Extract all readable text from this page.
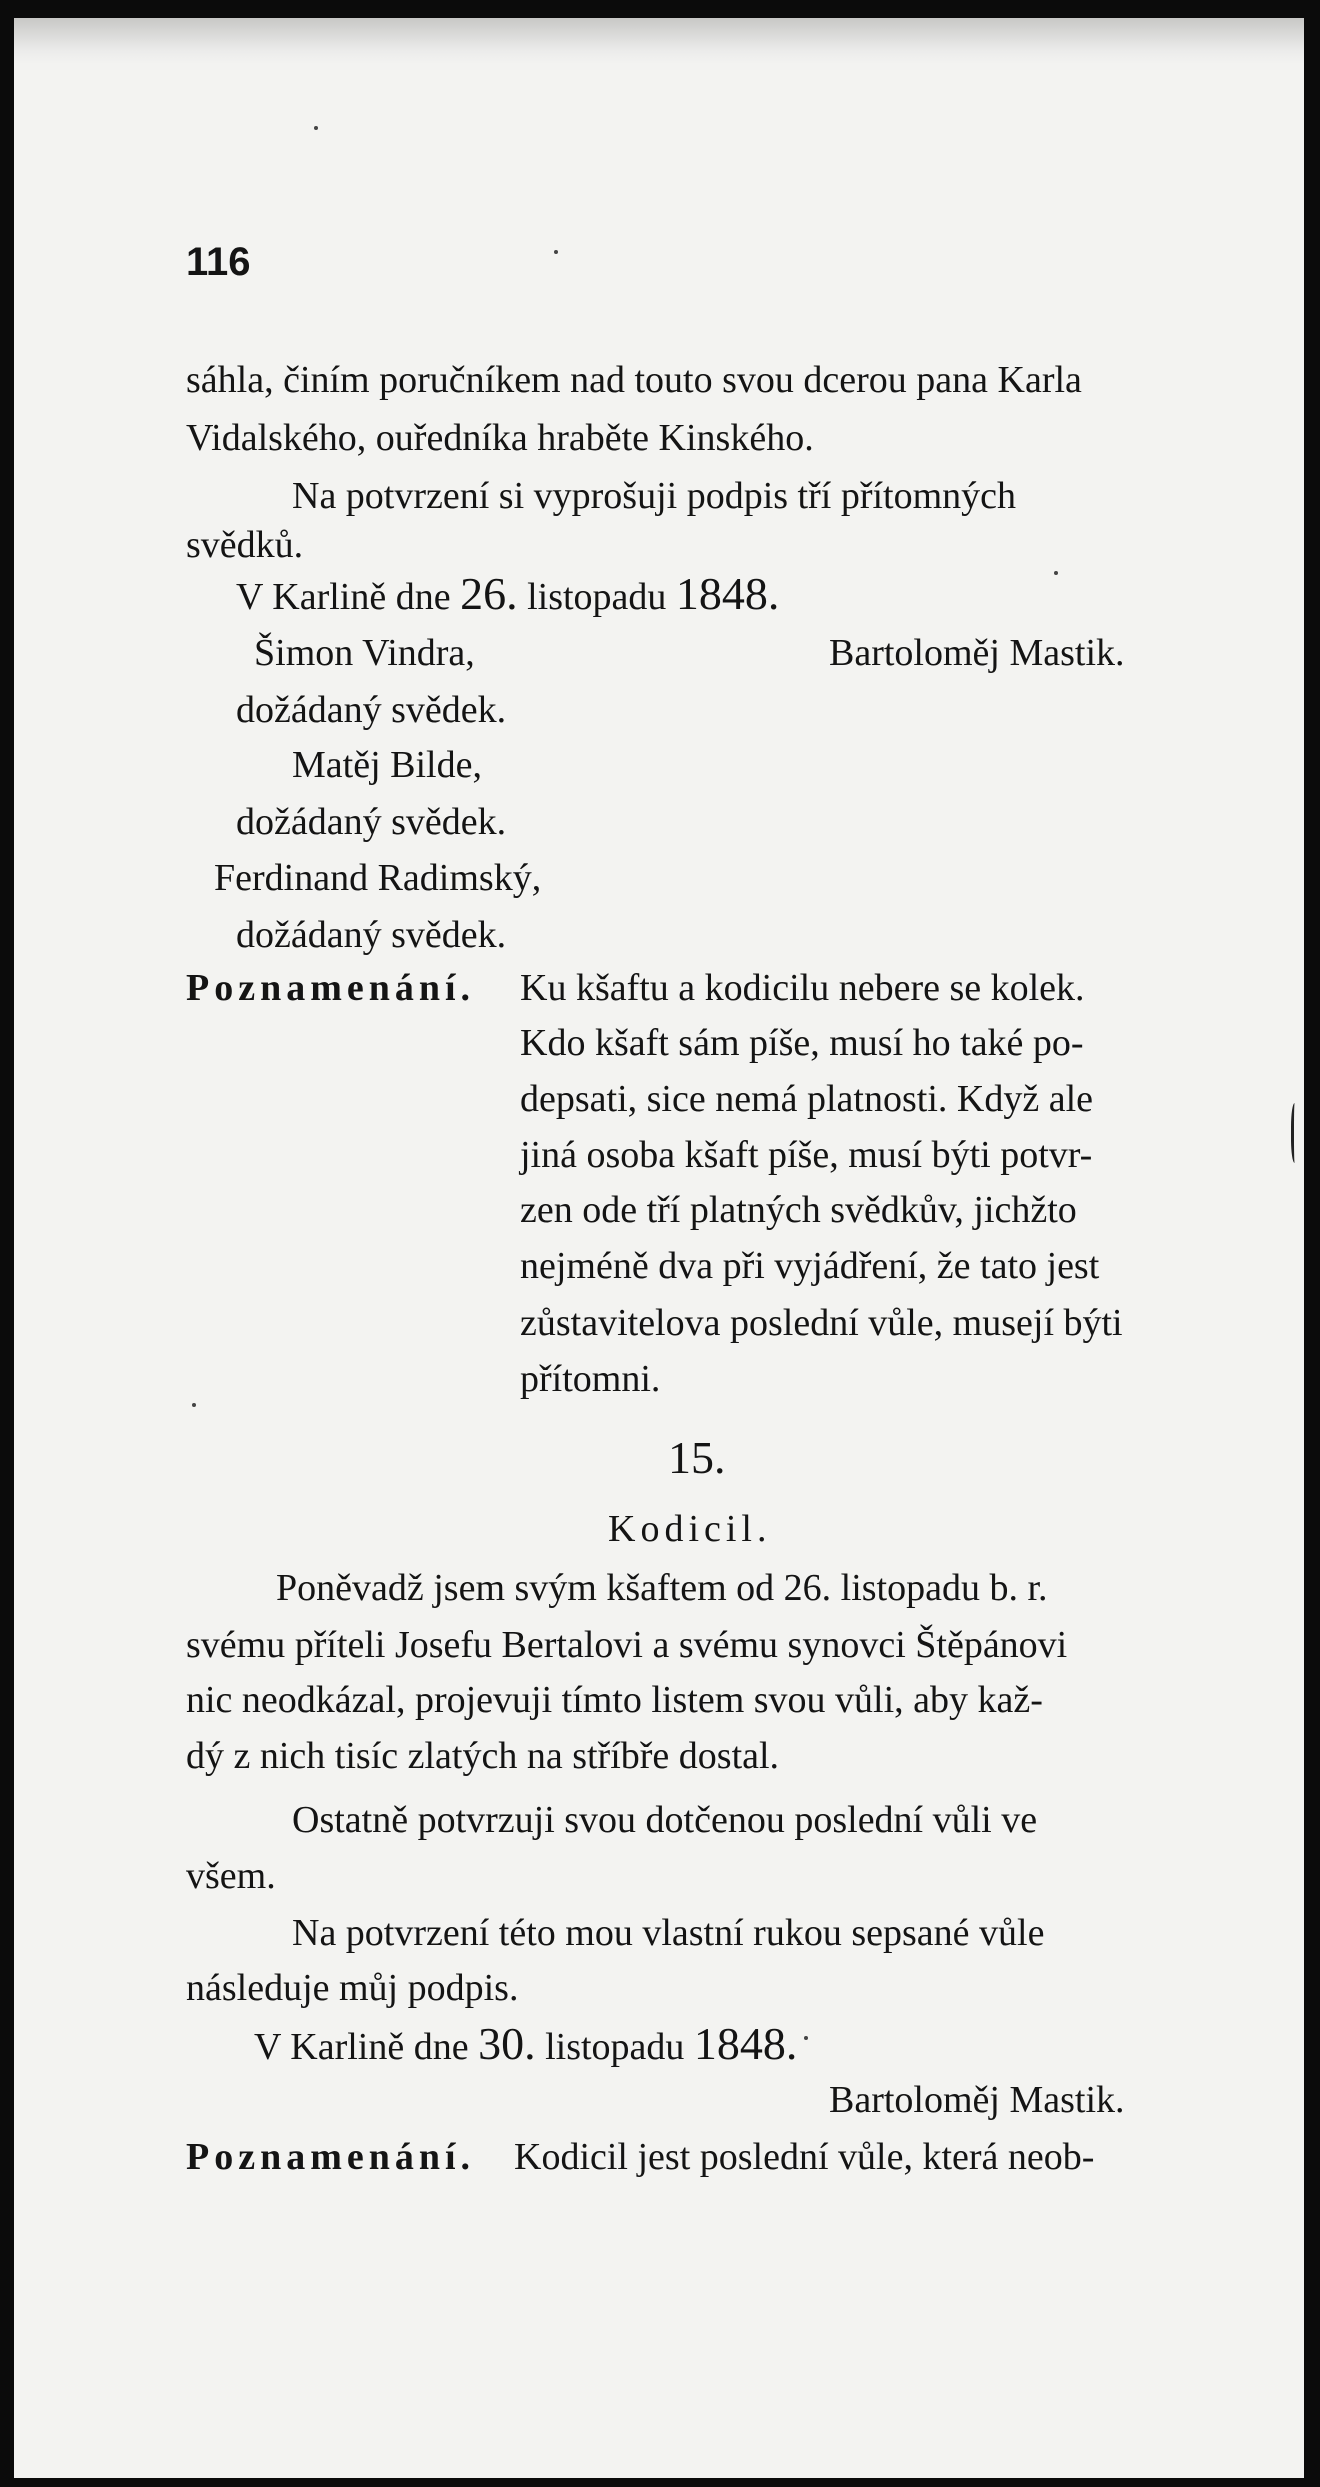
116
sáhla, činím poručníkem nad touto svou dcerou pana Karla
Vidalského, ouředníka hraběte Kinského.
Na potvrzení si vyprošuji podpis tří přítomných
svědků.
V Karlině dne 26. listopadu 1848.
Šimon Vindra,	Bartoloměj Mastik.
dožádaný svědek.
Matěj Bilde,
dožádaný svědek.
Ferdinand Radimský,
dožádaný svědek.
Poznamenání. Ku kšaftu a kodicilu nebere se kolek.
Kdo kšaft sám píše, musí ho také po-
depsati, sice nemá platnosti. Když ale
jiná osoba kšaft píše, musí býti potvr-
zen ode tří platných svědkův, jichžto
nejméně dva při vyjádření, že tato jest
zůstavitelova poslední vůle, musejí býti
přítomni.
15.
Kodicil.
Poněvadž jsem svým kšaftem od 26. listopadu b. r.
svému příteli Josefu Bertalovi a svému synovci Štěpánovi
nic neodkázal, projevuji tímto listem svou vůli, aby kaž-
dý z nich tisíc zlatých na stříbře dostal.
Ostatně potvrzuji svou dotčenou poslední vůli ve
všem.
Na potvrzení této mou vlastní rukou sepsané vůle
následuje můj podpis.
V Karlině dne 30. listopadu 1848.
Bartoloměj Mastik.
Poznamenání. Kodicil jest poslední vůle, která neob-
